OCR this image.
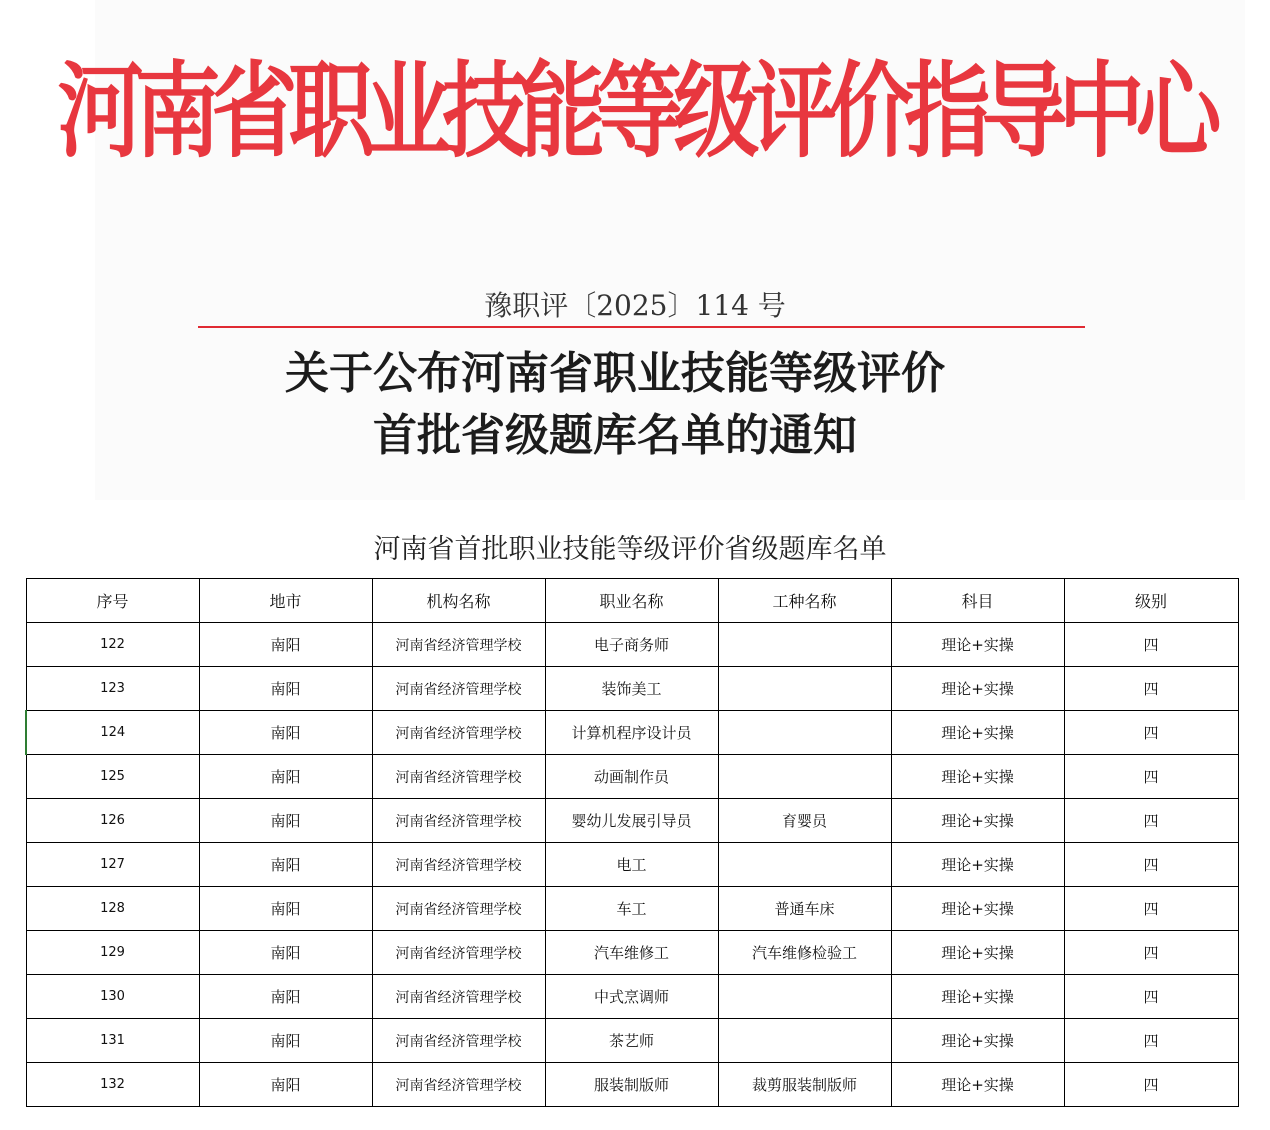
河南省职业技能等级评价指导中心
豫职评〔2025〕114 号
关于公布河南省职业技能等级评价
首批省级题库名单的通知
河南省首批职业技能等级评价省级题库名单
序号	地市	机构名称	职业名称	工种名称	科目	级别
122	南阳	河南省经济管理学校	电子商务师		理论+实操	四
123	南阳	河南省经济管理学校	装饰美工		理论+实操	四
124	南阳	河南省经济管理学校	计算机程序设计员		理论+实操	四
125	南阳	河南省经济管理学校	动画制作员		理论+实操	四
126	南阳	河南省经济管理学校	婴幼儿发展引导员	育婴员	理论+实操	四
127	南阳	河南省经济管理学校	电工		理论+实操	四
128	南阳	河南省经济管理学校	车工	普通车床	理论+实操	四
129	南阳	河南省经济管理学校	汽车维修工	汽车维修检验工	理论+实操	四
130	南阳	河南省经济管理学校	中式烹调师		理论+实操	四
131	南阳	河南省经济管理学校	茶艺师		理论+实操	四
132	南阳	河南省经济管理学校	服装制版师	裁剪服装制版师	理论+实操	四
